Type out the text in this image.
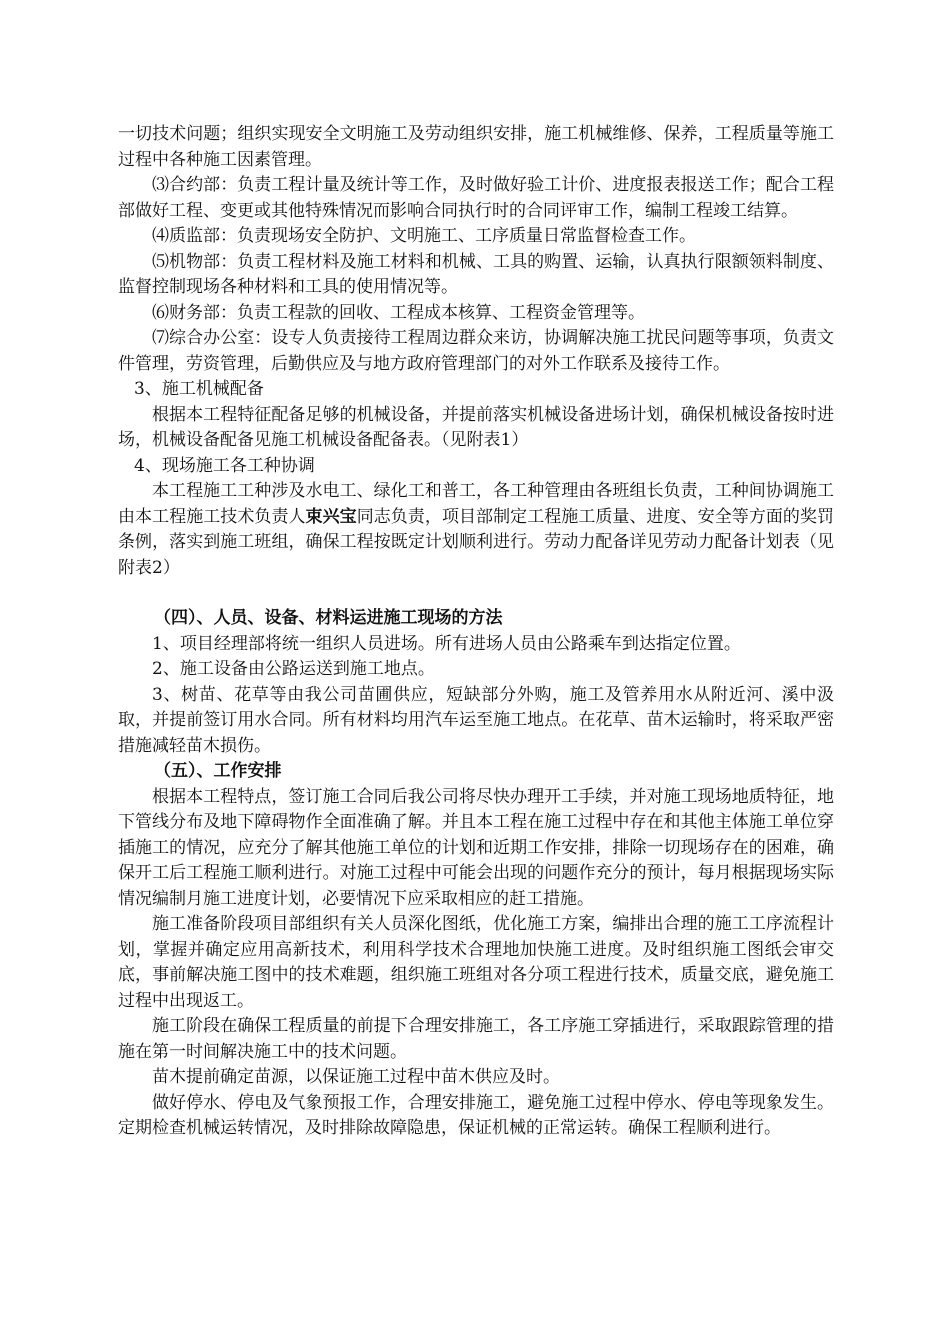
一切技术问题；组织实现安全文明施工及劳动组织安排，施工机械维修、保养，工程质量等施工过程中各种施工因素管理。

⑶合约部：负责工程计量及统计等工作，及时做好验工计价、进度报表报送工作；配合工程部做好工程、变更或其他特殊情况而影响合同执行时的合同评审工作，编制工程竣工结算。

⑷质监部：负责现场安全防护、文明施工、工序质量日常监督检查工作。

⑸机物部：负责工程材料及施工材料和机械、工具的购置、运输，认真执行限额领料制度、监督控制现场各种材料和工具的使用情况等。

⑹财务部：负责工程款的回收、工程成本核算、工程资金管理等。

⑺综合办公室：设专人负责接待工程周边群众来访，协调解决施工扰民问题等事项，负责文件管理，劳资管理，后勤供应及与地方政府管理部门的对外工作联系及接待工作。

3、施工机械配备

根据本工程特征配备足够的机械设备，并提前落实机械设备进场计划，确保机械设备按时进场，机械设备配备见施工机械设备配备表。（见附表1）

4、现场施工各工种协调

本工程施工工种涉及水电工、绿化工和普工，各工种管理由各班组长负责，工种间协调施工由本工程施工技术负责人束兴宝同志负责，项目部制定工程施工质量、进度、安全等方面的奖罚条例，落实到施工班组，确保工程按既定计划顺利进行。劳动力配备详见劳动力配备计划表（见附表2）

（四）、人员、设备、材料运进施工现场的方法

1、项目经理部将统一组织人员进场。所有进场人员由公路乘车到达指定位置。

2、施工设备由公路运送到施工地点。

3、树苗、花草等由我公司苗圃供应，短缺部分外购，施工及管养用水从附近河、溪中汲取，并提前签订用水合同。所有材料均用汽车运至施工地点。在花草、苗木运输时，将采取严密措施减轻苗木损伤。

（五）、工作安排

根据本工程特点，签订施工合同后我公司将尽快办理开工手续，并对施工现场地质特征，地下管线分布及地下障碍物作全面准确了解。并且本工程在施工过程中存在和其他主体施工单位穿插施工的情况，应充分了解其他施工单位的计划和近期工作安排，排除一切现场存在的困难，确保开工后工程施工顺利进行。对施工过程中可能会出现的问题作充分的预计，每月根据现场实际情况编制月施工进度计划，必要情况下应采取相应的赶工措施。

施工准备阶段项目部组织有关人员深化图纸，优化施工方案，编排出合理的施工工序流程计划，掌握并确定应用高新技术，利用科学技术合理地加快施工进度。及时组织施工图纸会审交底，事前解决施工图中的技术难题，组织施工班组对各分项工程进行技术，质量交底，避免施工过程中出现返工。

施工阶段在确保工程质量的前提下合理安排施工，各工序施工穿插进行，采取跟踪管理的措施在第一时间解决施工中的技术问题。

苗木提前确定苗源，以保证施工过程中苗木供应及时。

做好停水、停电及气象预报工作，合理安排施工，避免施工过程中停水、停电等现象发生。定期检查机械运转情况，及时排除故障隐患，保证机械的正常运转。确保工程顺利进行。
